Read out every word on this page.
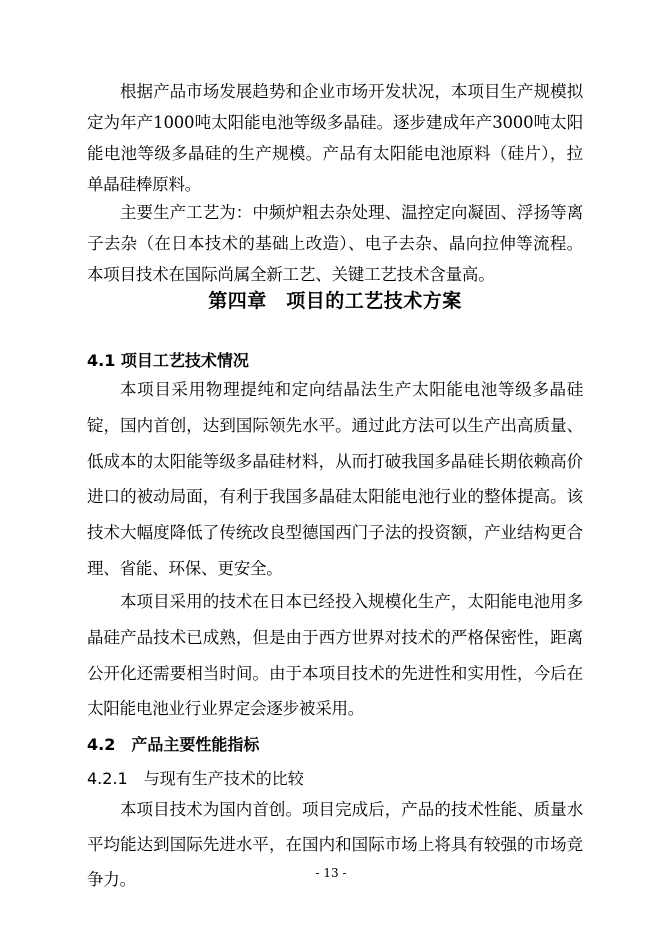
根据产品市场发展趋势和企业市场开发状况，本项目生产规模拟定为年产1000吨太阳能电池等级多晶硅。逐步建成年产3000吨太阳能电池等级多晶硅的生产规模。产品有太阳能电池原料（硅片），拉单晶硅棒原料。

主要生产工艺为：中频炉粗去杂处理、温控定向凝固、浮扬等离子去杂（在日本技术的基础上改造）、电子去杂、晶向拉伸等流程。本项目技术在国际尚属全新工艺、关键工艺技术含量高。

第四章　项目的工艺技术方案
4.1 项目工艺技术情况

本项目采用物理提纯和定向结晶法生产太阳能电池等级多晶硅锭，国内首创，达到国际领先水平。通过此方法可以生产出高质量、低成本的太阳能等级多晶硅材料，从而打破我国多晶硅长期依赖高价进口的被动局面，有利于我国多晶硅太阳能电池行业的整体提高。该技术大幅度降低了传统改良型德国西门子法的投资额，产业结构更合理、省能、环保、更安全。

本项目采用的技术在日本已经投入规模化生产，太阳能电池用多晶硅产品技术已成熟，但是由于西方世界对技术的严格保密性，距离公开化还需要相当时间。由于本项目技术的先进性和实用性，今后在太阳能电池业行业界定会逐步被采用。

4.2　产品主要性能指标
4.2.1　与现有生产技术的比较

本项目技术为国内首创。项目完成后，产品的技术性能、质量水平均能达到国际先进水平，在国内和国际市场上将具有较强的市场竞争力。	- 13 -
